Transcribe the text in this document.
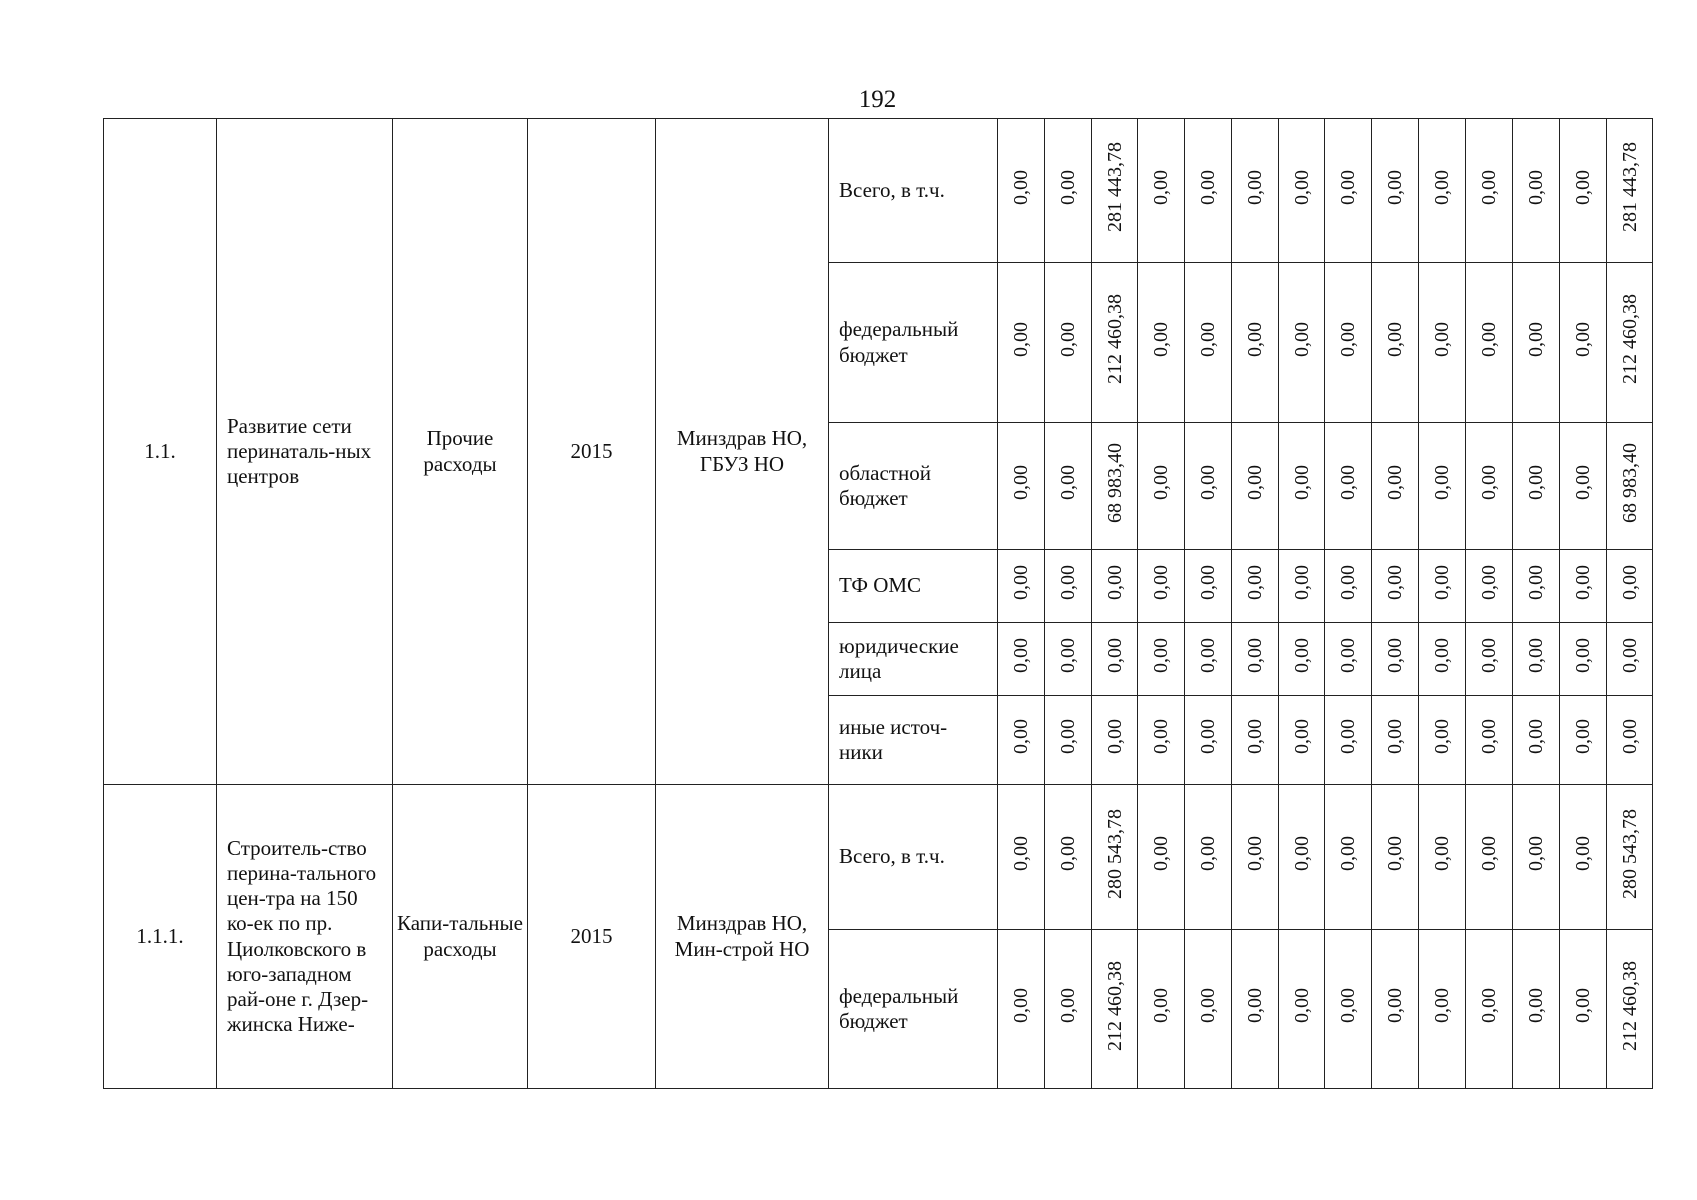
192
1.1.	Развитие сети перинаталь-ных центров	Прочие расходы	2015	Минздрав НО, ГБУЗ НО	Всего, в т.ч.	0,00	0,00	281 443,78	0,00	0,00	0,00	0,00	0,00	0,00	0,00	0,00	0,00	0,00	281 443,78
					федеральный бюджет	0,00	0,00	212 460,38	0,00	0,00	0,00	0,00	0,00	0,00	0,00	0,00	0,00	0,00	212 460,38
					областной бюджет	0,00	0,00	68 983,40	0,00	0,00	0,00	0,00	0,00	0,00	0,00	0,00	0,00	0,00	68 983,40
					ТФ ОМС	0,00	0,00	0,00	0,00	0,00	0,00	0,00	0,00	0,00	0,00	0,00	0,00	0,00	0,00
					юридические лица	0,00	0,00	0,00	0,00	0,00	0,00	0,00	0,00	0,00	0,00	0,00	0,00	0,00	0,00
					иные источ-ники	0,00	0,00	0,00	0,00	0,00	0,00	0,00	0,00	0,00	0,00	0,00	0,00	0,00	0,00
1.1.1.	Строитель-ство перина-тального цен-тра на 150 ко-ек по пр. Циолковского в юго-западном рай-оне г. Дзер-жинска Ниже-	Капи-тальные расходы	2015	Минздрав НО, Мин-строй НО	Всего, в т.ч.	0,00	0,00	280 543,78	0,00	0,00	0,00	0,00	0,00	0,00	0,00	0,00	0,00	0,00	280 543,78
					федеральный бюджет	0,00	0,00	212 460,38	0,00	0,00	0,00	0,00	0,00	0,00	0,00	0,00	0,00	0,00	212 460,38
